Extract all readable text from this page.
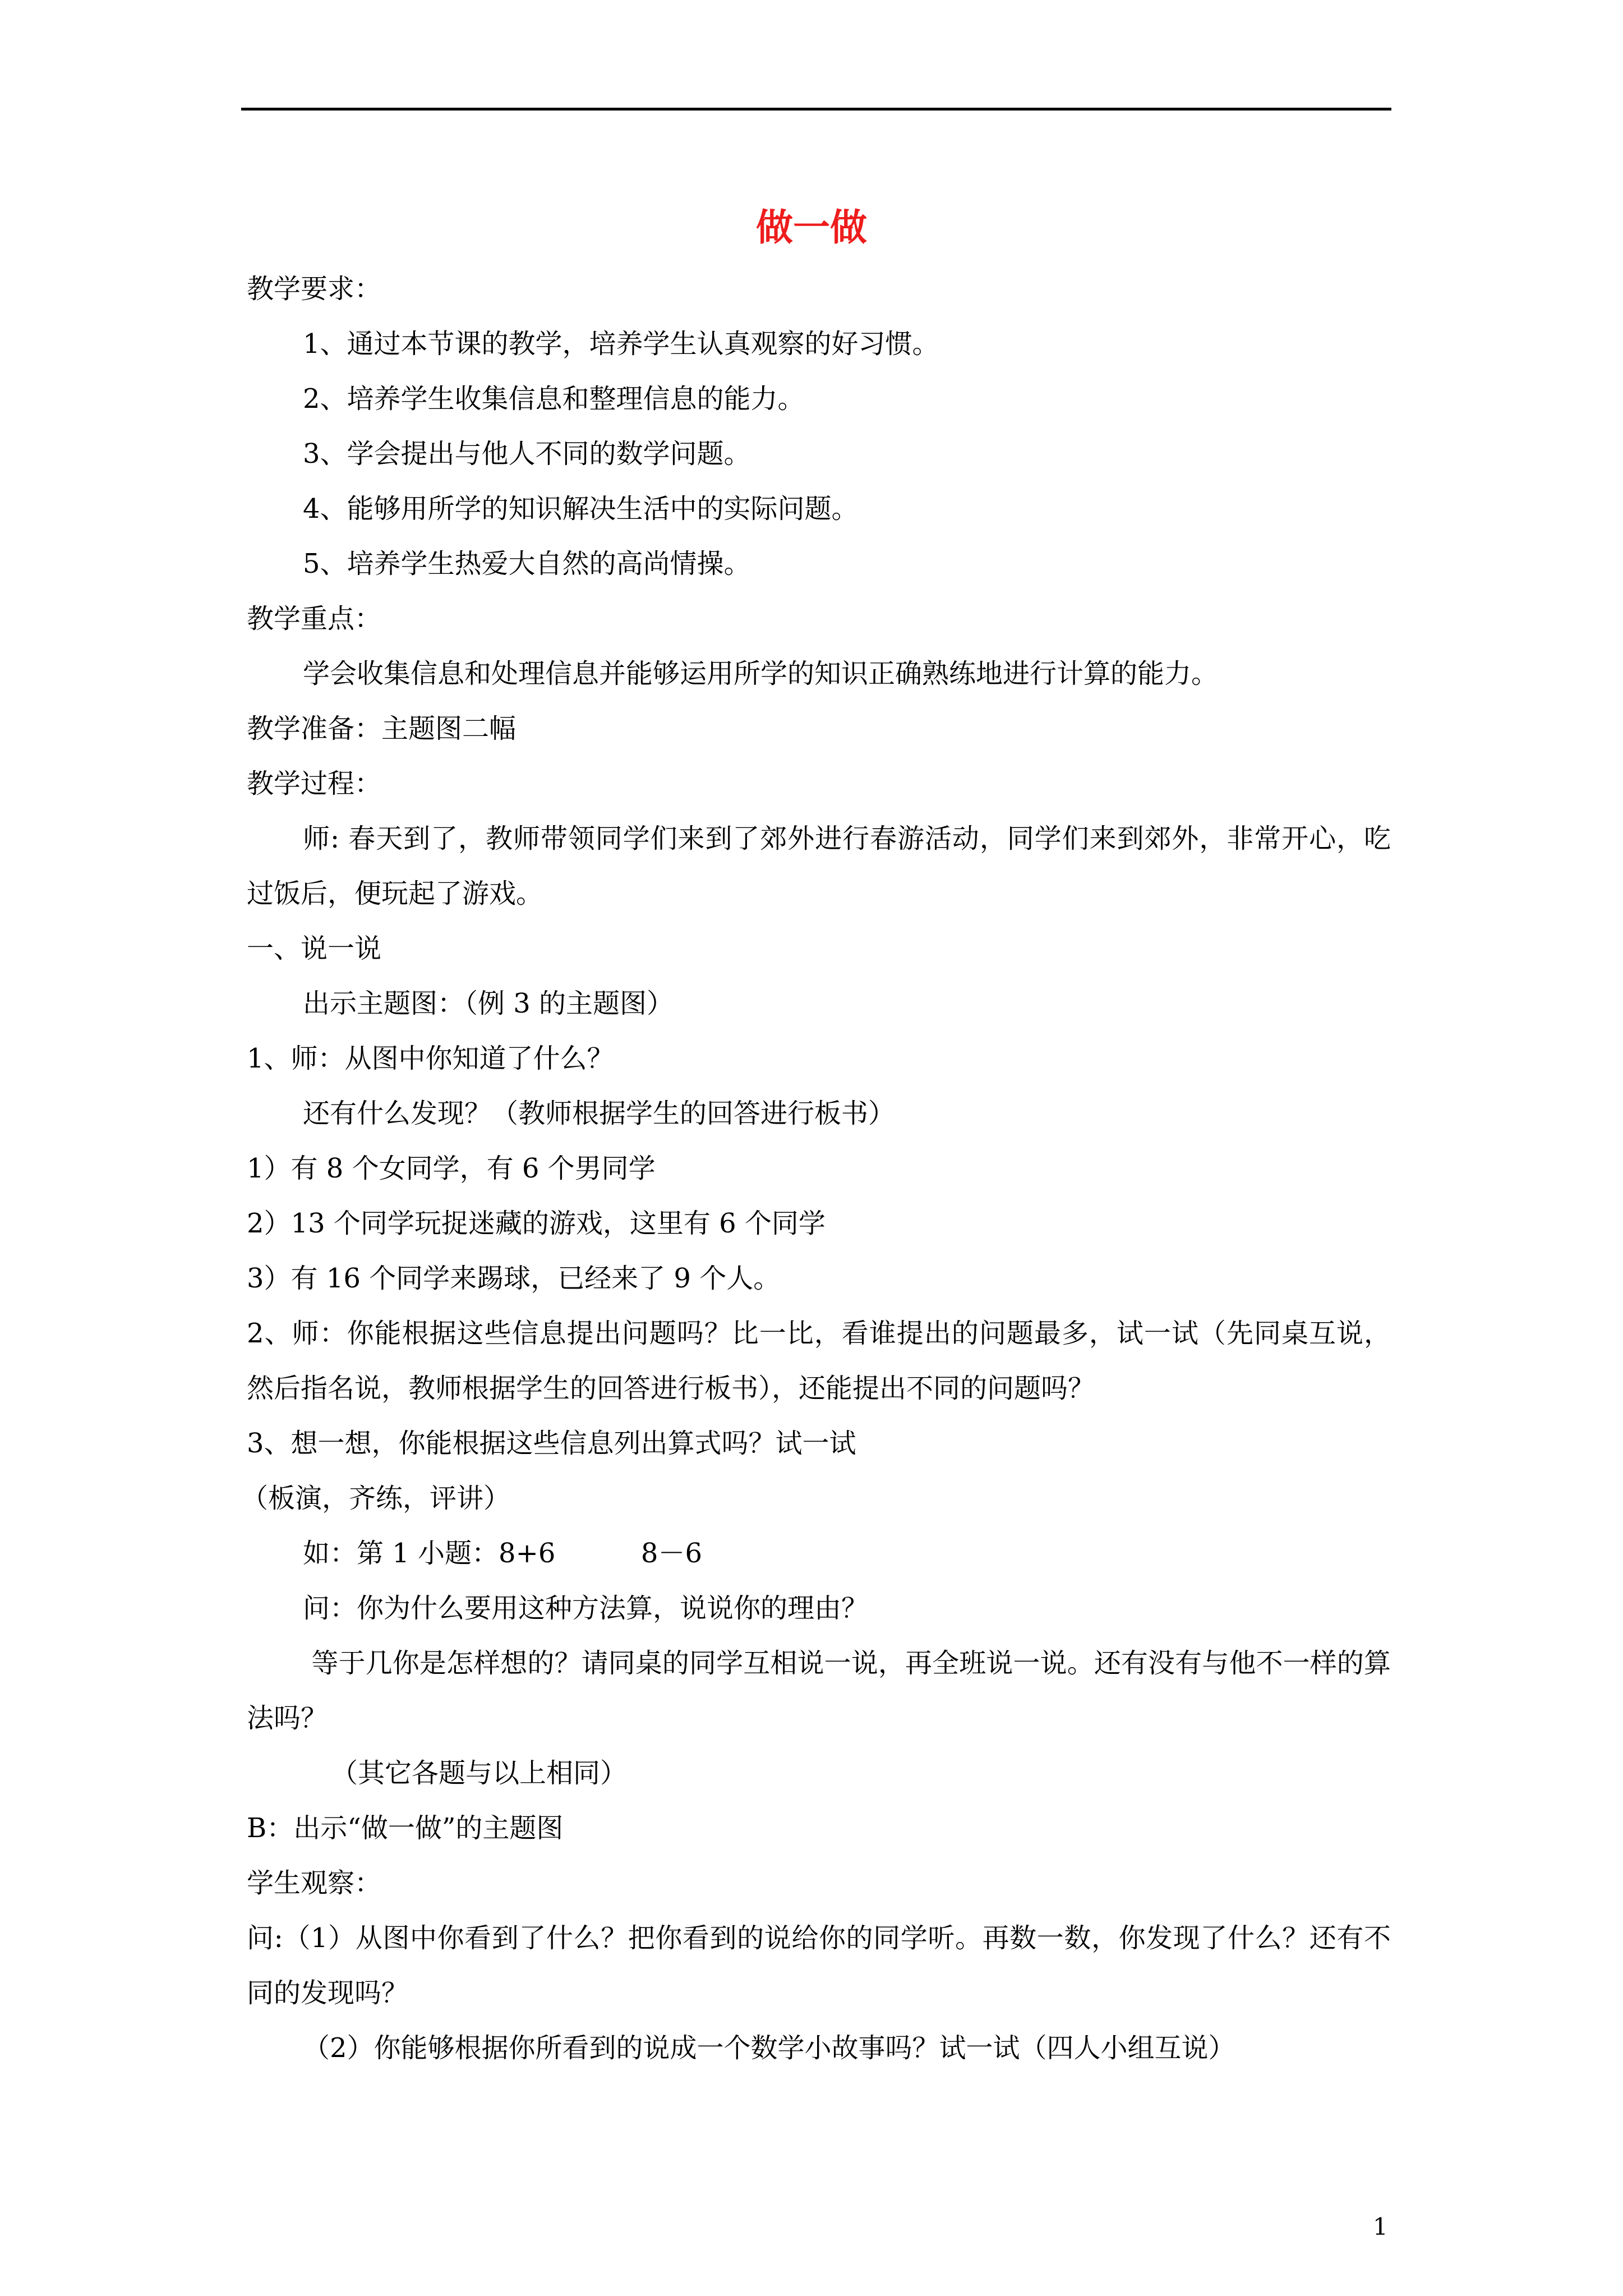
做一做

教学要求：

1、通过本节课的教学，培养学生认真观察的好习惯。

2、培养学生收集信息和整理信息的能力。

3、学会提出与他人不同的数学问题。

4、能够用所学的知识解决生活中的实际问题。

5、培养学生热爱大自然的高尚情操。

教学重点：

学会收集信息和处理信息并能够运用所学的知识正确熟练地进行计算的能力。

教学准备：主题图二幅

教学过程：

师: 春天到了，教师带领同学们来到了郊外进行春游活动，同学们来到郊外，非常开心，吃过饭后，便玩起了游戏。

一、说一说

出示主题图：（例 3 的主题图）

1、师：从图中你知道了什么？

还有什么发现？（教师根据学生的回答进行板书）

1）有 8 个女同学，有 6 个男同学

2）13 个同学玩捉迷藏的游戏，这里有 6 个同学

3）有 16 个同学来踢球，已经来了 9 个人。

2、师：你能根据这些信息提出问题吗？比一比，看谁提出的问题最多，试一试（先同桌互说，然后指名说，教师根据学生的回答进行板书），还能提出不同的问题吗？

3、想一想，你能根据这些信息列出算式吗？试一试

（板演，齐练，评讲）

如：第 1 小题：8+6          8－6

问：你为什么要用这种方法算，说说你的理由？

等于几你是怎样想的？请同桌的同学互相说一说，再全班说一说。还有没有与他不一样的算法吗？

（其它各题与以上相同）

B：出示“做一做”的主题图

学生观察：

问:（1）从图中你看到了什么？把你看到的说给你的同学听。再数一数，你发现了什么？还有不同的发现吗？

（2）你能够根据你所看到的说成一个数学小故事吗？试一试（四人小组互说）

1
